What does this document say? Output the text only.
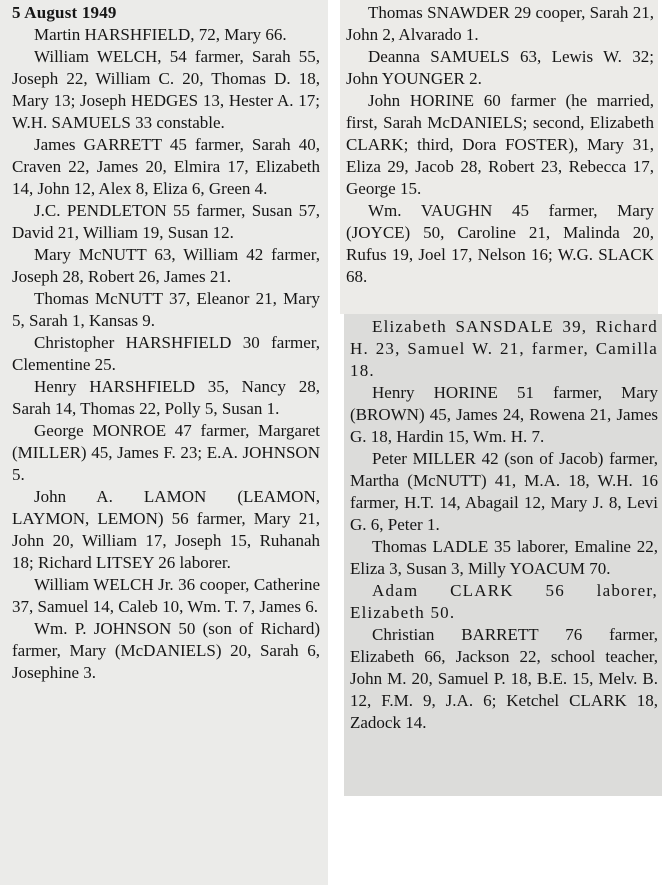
5 August 1949
Martin HARSHFIELD, 72, Mary 66.
William WELCH, 54 farmer, Sarah 55, Joseph 22, William C. 20, Thomas D. 18, Mary 13; Joseph HEDGES 13, Hester A. 17; W.H. SAMUELS 33 constable.
James GARRETT 45 farmer, Sarah 40, Craven 22, James 20, Elmira 17, Elizabeth 14, John 12, Alex 8, Eliza 6, Green 4.
J.C. PENDLETON 55 farmer, Susan 57, David 21, William 19, Susan 12.
Mary McNUTT 63, William 42 farmer, Joseph 28, Robert 26, James 21.
Thomas McNUTT 37, Eleanor 21, Mary 5, Sarah 1, Kansas 9.
Christopher HARSHFIELD 30 farmer, Clementine 25.
Henry HARSHFIELD 35, Nancy 28, Sarah 14, Thomas 22, Polly 5, Susan 1.
George MONROE 47 farmer, Margaret (MILLER) 45, James F. 23; E.A. JOHNSON 5.
John A. LAMON (LEAMON, LAYMON, LEMON) 56 farmer, Mary 21, John 20, William 17, Joseph 15, Ruhanah 18; Richard LITSEY 26 laborer.
William WELCH Jr. 36 cooper, Catherine 37, Samuel 14, Caleb 10, Wm. T. 7, James 6.
Wm. P. JOHNSON 50 (son of Richard) farmer, Mary (McDANIELS) 20, Sarah 6, Josephine 3.
Thomas SNAWDER 29 cooper, Sarah 21, John 2, Alvarado 1.
Deanna SAMUELS 63, Lewis W. 32; John YOUNGER 2.
John HORINE 60 farmer (he married, first, Sarah McDANIELS; second, Elizabeth CLARK; third, Dora FOSTER), Mary 31, Eliza 29, Jacob 28, Robert 23, Rebecca 17, George 15.
Wm. VAUGHN 45 farmer, Mary (JOYCE) 50, Caroline 21, Malinda 20, Rufus 19, Joel 17, Nelson 16; W.G. SLACK 68.
Elizabeth SANSDALE 39, Richard H. 23, Samuel W. 21, farmer, Camilla 18.
Henry HORINE 51 farmer, Mary (BROWN) 45, James 24, Rowena 21, James G. 18, Hardin 15, Wm. H. 7.
Peter MILLER 42 (son of Jacob) farmer, Martha (McNUTT) 41, M.A. 18, W.H. 16 farmer, H.T. 14, Abagail 12, Mary J. 8, Levi G. 6, Peter 1.
Thomas LADLE 35 laborer, Emaline 22, Eliza 3, Susan 3, Milly YOACUM 70.
Adam CLARK 56 laborer, Elizabeth 50.
Christian BARRETT 76 farmer, Elizabeth 66, Jackson 22, school teacher, John M. 20, Samuel P. 18, B.E. 15, Melv. B. 12, F.M. 9, J.A. 6; Ketchel CLARK 18, Zadock 14.
